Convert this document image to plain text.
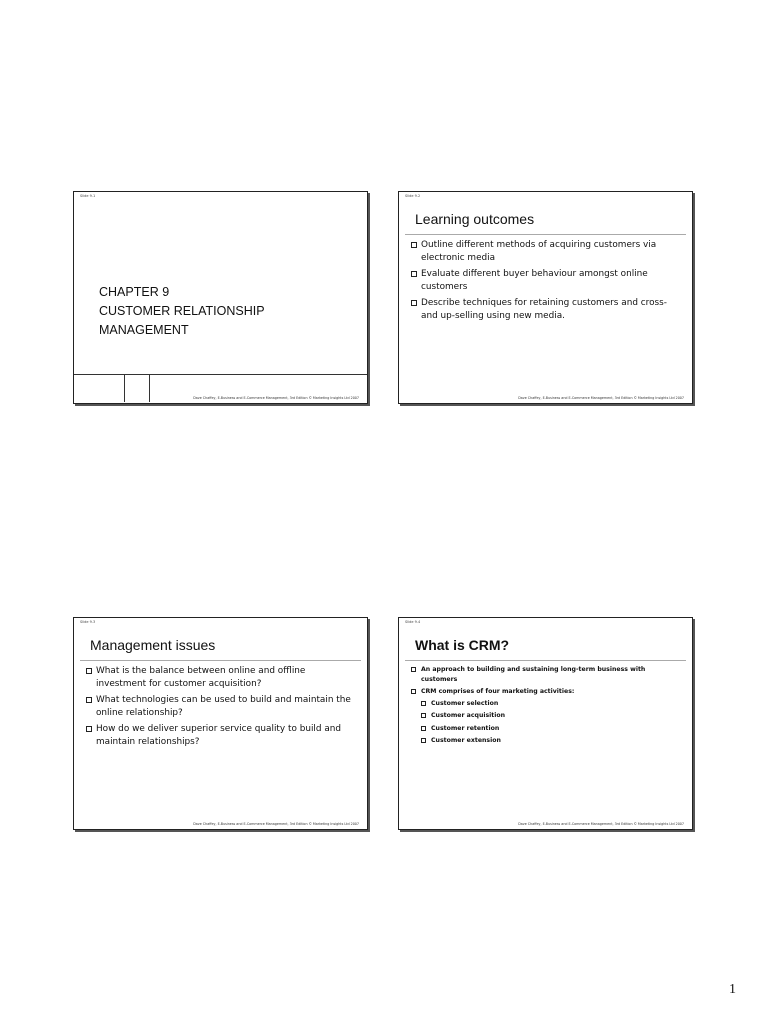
Slide 9.1
CHAPTER 9
CUSTOMER RELATIONSHIP
MANAGEMENT
Dave Chaffey, E-Business and E-Commerce Management, 3rd Edition © Marketing Insights Ltd 2007
Slide 9.2
Learning outcomes
Outline different methods of acquiring customers via electronic media
Evaluate different buyer behaviour amongst online customers
Describe techniques for retaining customers and cross- and up-selling using new media.
Dave Chaffey, E-Business and E-Commerce Management, 3rd Edition © Marketing Insights Ltd 2007
Slide 9.3
Management issues
What is the balance between online and offline investment for customer acquisition?
What technologies can be used to build and maintain the online relationship?
How do we deliver superior service quality to build and maintain relationships?
Dave Chaffey, E-Business and E-Commerce Management, 3rd Edition © Marketing Insights Ltd 2007
Slide 9.4
What is CRM?
An approach to building and sustaining long-term business with customers
CRM comprises of four marketing activities:
Customer selection
Customer acquisition
Customer retention
Customer extension
Dave Chaffey, E-Business and E-Commerce Management, 3rd Edition © Marketing Insights Ltd 2007
1
